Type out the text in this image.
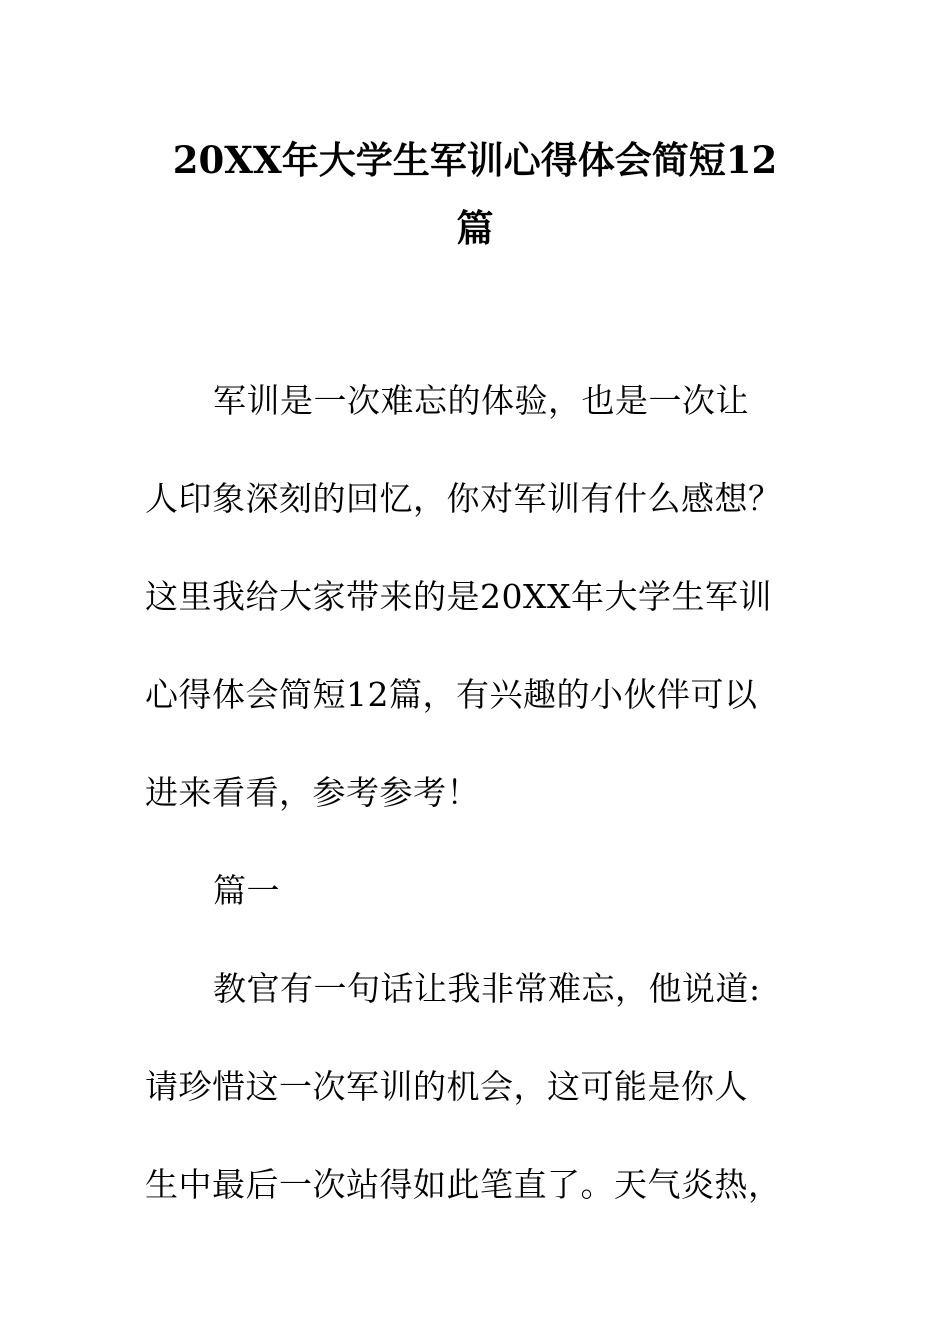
20XX年大学生军训心得体会简短12
篇
军训是一次难忘的体验，也是一次让
人印象深刻的回忆，你对军训有什么感想？
这里我给大家带来的是20XX年大学生军训
心得体会简短12篇，有兴趣的小伙伴可以
进来看看，参考参考！
篇一
教官有一句话让我非常难忘，他说道:
请珍惜这一次军训的机会，这可能是你人
生中最后一次站得如此笔直了。天气炎热，
